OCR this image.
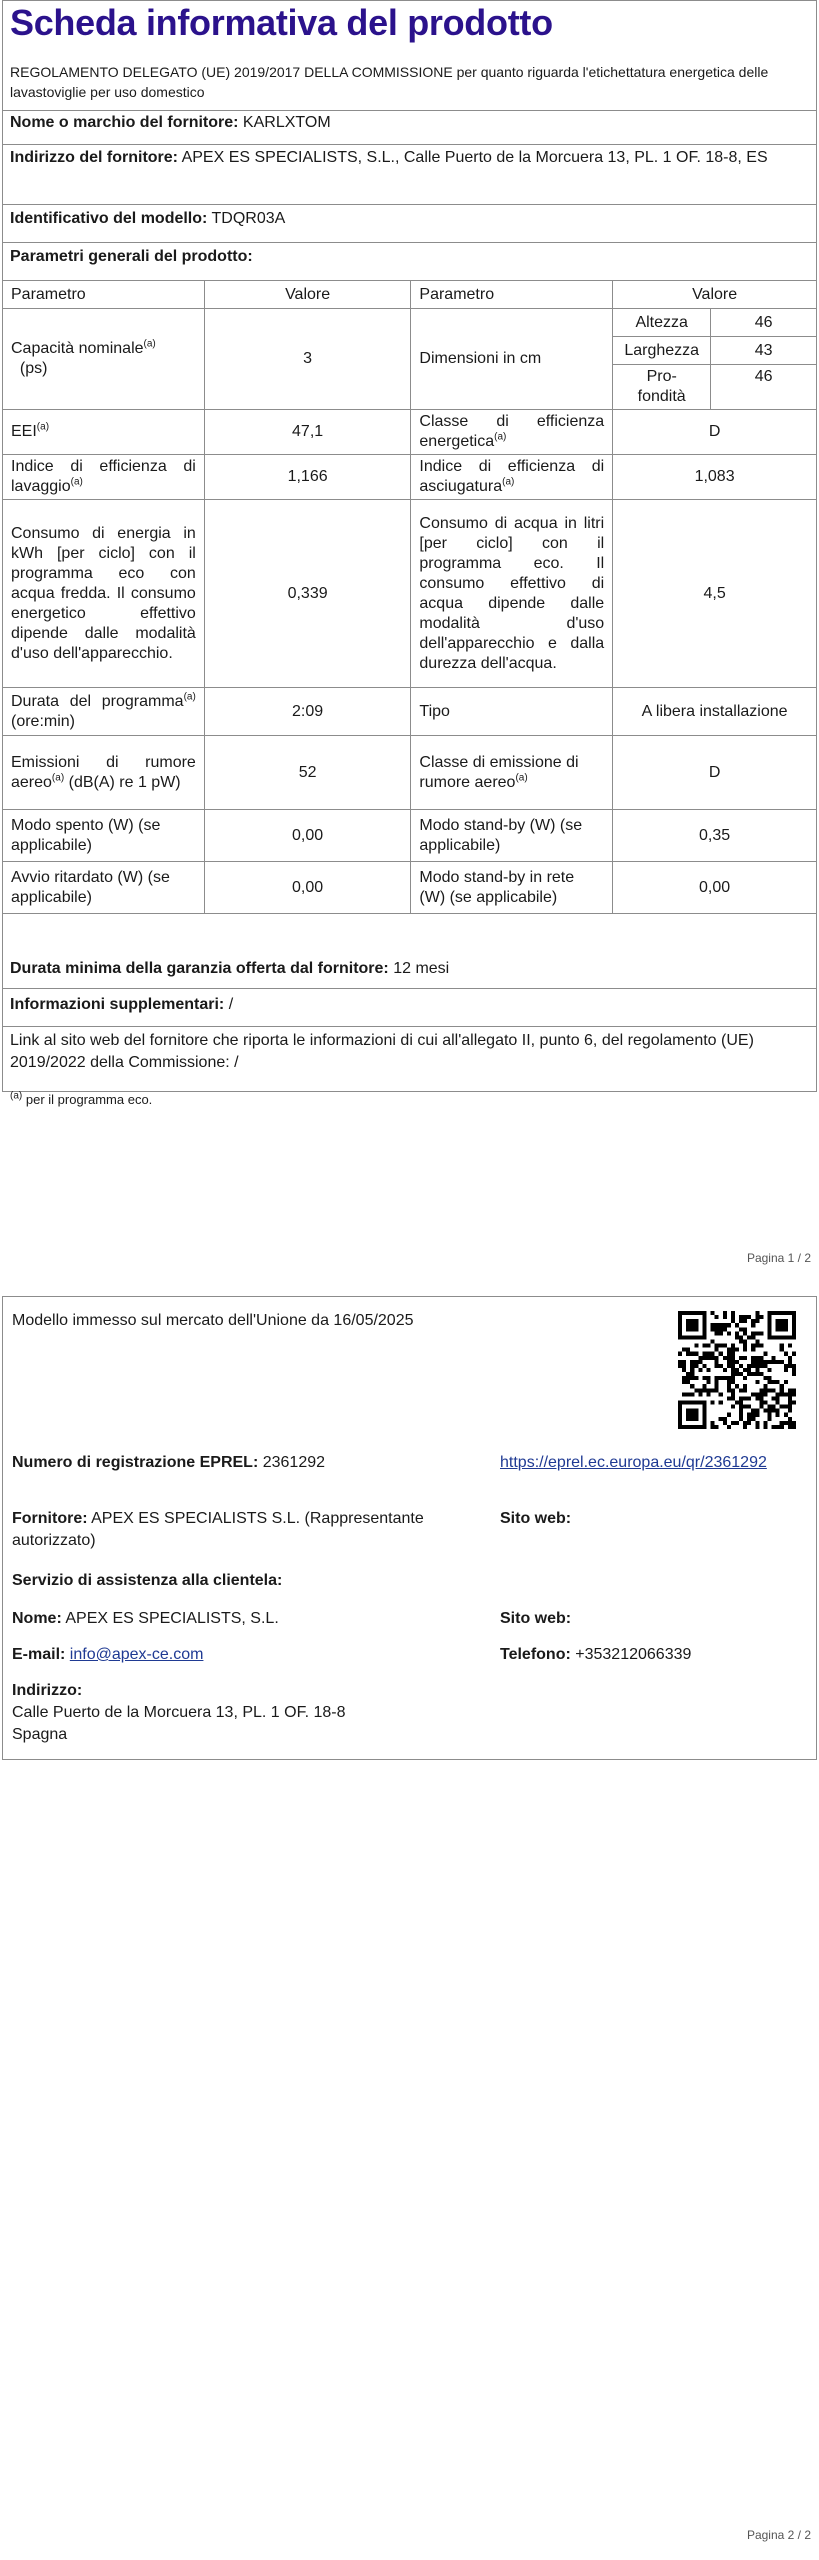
Scheda informativa del prodotto
REGOLAMENTO DELEGATO (UE) 2019/2017 DELLA COMMISSIONE per quanto riguarda l'etichettatura energetica delle lavastoviglie per uso domestico
Nome o marchio del fornitore: KARLXTOM
Indirizzo del fornitore: APEX ES SPECIALISTS, S.L., Calle Puerto de la Morcuera 13, PL. 1 OF. 18-8, ES
Identificativo del modello: TDQR03A
Parametri generali del prodotto:
Parametro	Valore	Parametro	Valore	
Capacità nominale$^{(a)}$
(ps)	3	Dimensioni in cm	Altezza	46
			Larghezza	43
			Pro-fondità	46
EEI$^{(a)}$	47,1	Classe di efficienza energetica$^{(a)}$	D	
Indice di efficienza di lavaggio$^{(a)}$	1,166	Indice di efficienza di asciugatura$^{(a)}$	1,083	
Consumo di energia in kWh [per ciclo] con il programma eco con acqua fredda. Il consumo energetico effettivo dipende dalle modalità d'uso dell'apparecchio.	0,339	Consumo di acqua in litri [per ciclo] con il programma eco. Il consumo effettivo di acqua dipende dalle modalità d'uso dell'apparecchio e dalla durezza dell'acqua.	4,5	
Durata del programma$^{(a)}$ (ore:min)	2:09	Tipo	A libera installazione	
Emissioni di rumore aereo$^{(a)}$ (dB(A) re 1 pW)	52	Classe di emissione di rumore aereo$^{(a)}$	D	
Modo spento (W) (se applicabile)	0,00	Modo stand-by (W) (se applicabile)	0,35	
Avvio ritardato (W) (se applicabile)	0,00	Modo stand-by in rete (W) (se applicabile)	0,00	
Durata minima della garanzia offerta dal fornitore: 12 mesi
Informazioni supplementari: /
Link al sito web del fornitore che riporta le informazioni di cui all'allegato II, punto 6, del regolamento (UE) 2019/2022 della Commissione: /
$^{(a)}$ per il programma eco.
Pagina 1 / 2
Modello immesso sul mercato dell'Unione da 16/05/2025
Numero di registrazione EPREL: 2361292	https://eprel.ec.europa.eu/qr/2361292
Fornitore: APEX ES SPECIALISTS S.L. (Rappresentante autorizzato)
Sito web:
Servizio di assistenza alla clientela:
Nome: APEX ES SPECIALISTS, S.L.	Sito web:
E-mail: info@apex-ce.com	Telefono: +353212066339
Indirizzo:
Calle Puerto de la Morcuera 13, PL. 1 OF. 18-8
Spagna
Pagina 2 / 2
